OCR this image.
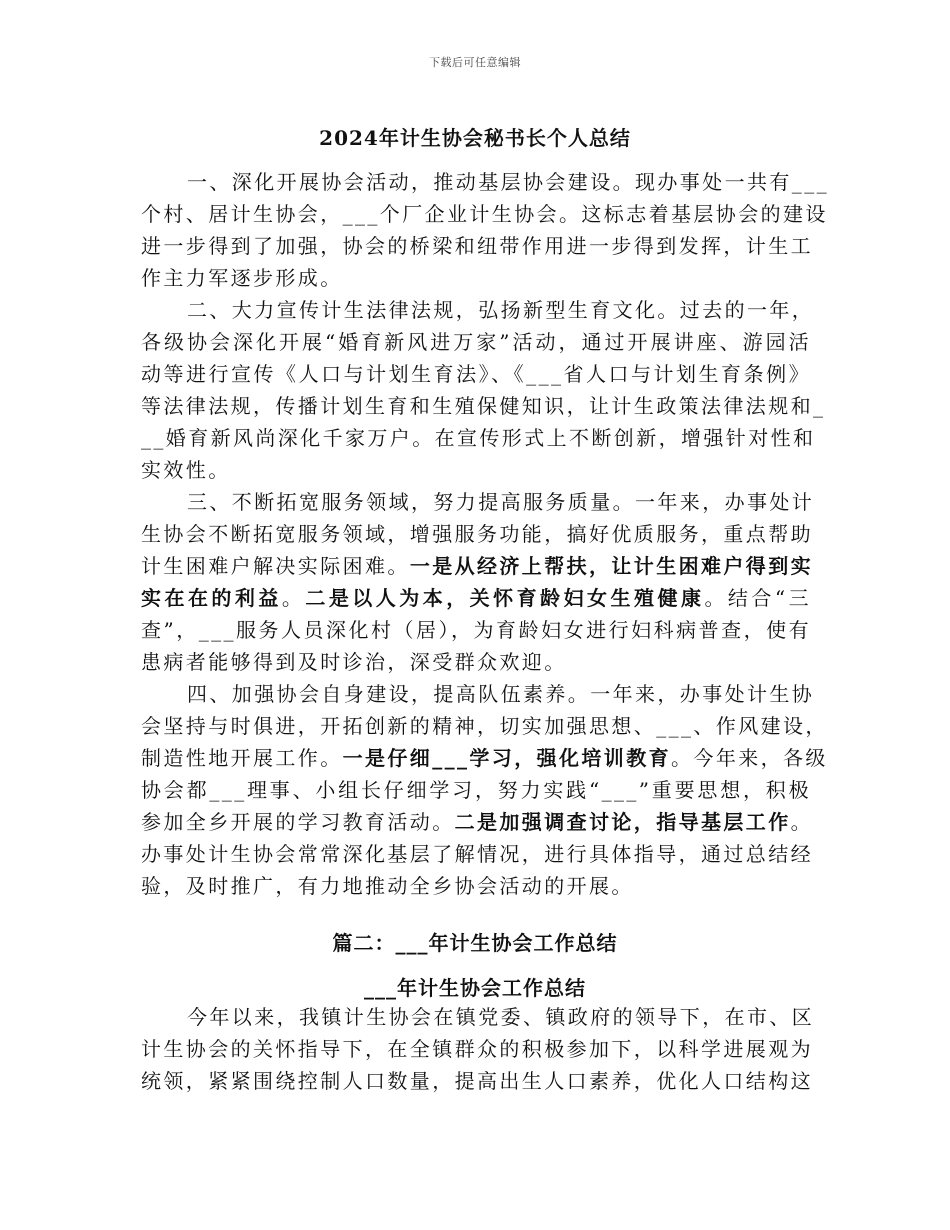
下载后可任意编辑
2024年计生协会秘书长个人总结
一、深化开展协会活动，推动基层协会建设。现办事处一共有___
个村、居计生协会，___个厂企业计生协会。这标志着基层协会的建设
进一步得到了加强，协会的桥梁和纽带作用进一步得到发挥，计生工
作主力军逐步形成。
二、大力宣传计生法律法规，弘扬新型生育文化。过去的一年，
各级协会深化开展“婚育新风进万家”活动，通过开展讲座、游园活
动等进行宣传《人口与计划生育法》、《___省人口与计划生育条例》
等法律法规，传播计划生育和生殖保健知识，让计生政策法律法规和_
__婚育新风尚深化千家万户。在宣传形式上不断创新，增强针对性和
实效性。
三、不断拓宽服务领域，努力提高服务质量。一年来，办事处计
生协会不断拓宽服务领域，增强服务功能，搞好优质服务，重点帮助
计生困难户解决实际困难。一是从经济上帮扶，让计生困难户得到实
实在在的利益。二是以人为本，关怀育龄妇女生殖健康。结合“三
查”，___服务人员深化村（居），为育龄妇女进行妇科病普查，使有
患病者能够得到及时诊治，深受群众欢迎。
四、加强协会自身建设，提高队伍素养。一年来，办事处计生协
会坚持与时俱进，开拓创新的精神，切实加强思想、___、作风建设，
制造性地开展工作。一是仔细___学习，强化培训教育。今年来，各级
协会都___理事、小组长仔细学习，努力实践“___”重要思想，积极
参加全乡开展的学习教育活动。二是加强调查讨论，指导基层工作。
办事处计生协会常常深化基层了解情况，进行具体指导，通过总结经
验，及时推广，有力地推动全乡协会活动的开展。
篇二：___年计生协会工作总结
___年计生协会工作总结
今年以来，我镇计生协会在镇党委、镇政府的领导下，在市、区
计生协会的关怀指导下，在全镇群众的积极参加下，以科学进展观为
统领，紧紧围绕控制人口数量，提高出生人口素养，优化人口结构这
